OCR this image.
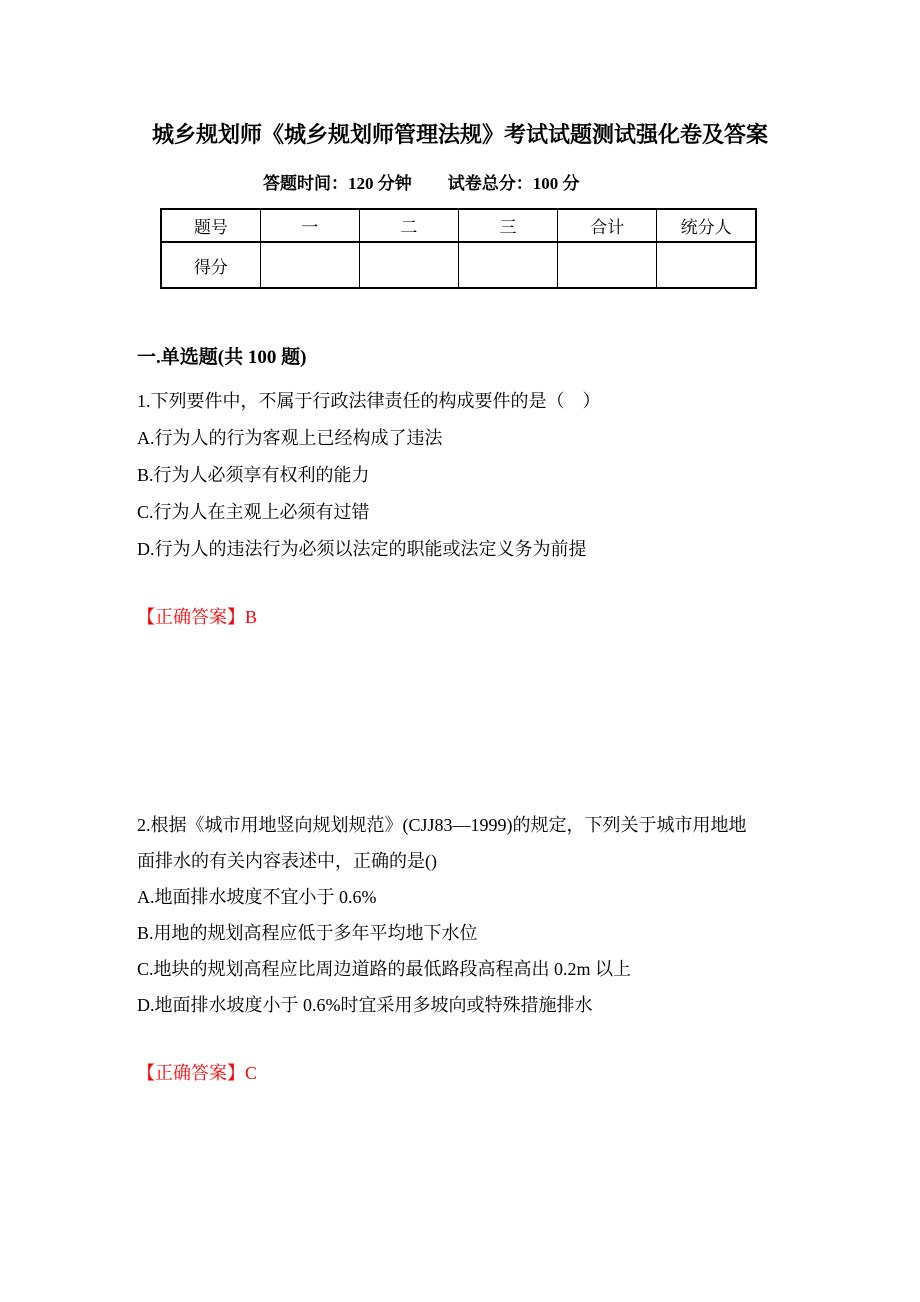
城乡规划师《城乡规划师管理法规》考试试题测试强化卷及答案
答题时间：120 分钟 试卷总分：100 分
题号	一	二	三	合计	统分人
得分					
一.单选题(共 100 题)
1.下列要件中，不属于行政法律责任的构成要件的是（　）
A.行为人的行为客观上已经构成了违法
B.行为人必须享有权利的能力
C.行为人在主观上必须有过错
D.行为人的违法行为必须以法定的职能或法定义务为前提
【正确答案】B
2.根据《城市用地竖向规划规范》(CJJ83—1999)的规定，下列关于城市用地地
面排水的有关内容表述中，正确的是()
A.地面排水坡度不宜小于 0.6%
B.用地的规划高程应低于多年平均地下水位
C.地块的规划高程应比周边道路的最低路段高程高出 0.2m 以上
D.地面排水坡度小于 0.6%时宜采用多坡向或特殊措施排水
【正确答案】C
